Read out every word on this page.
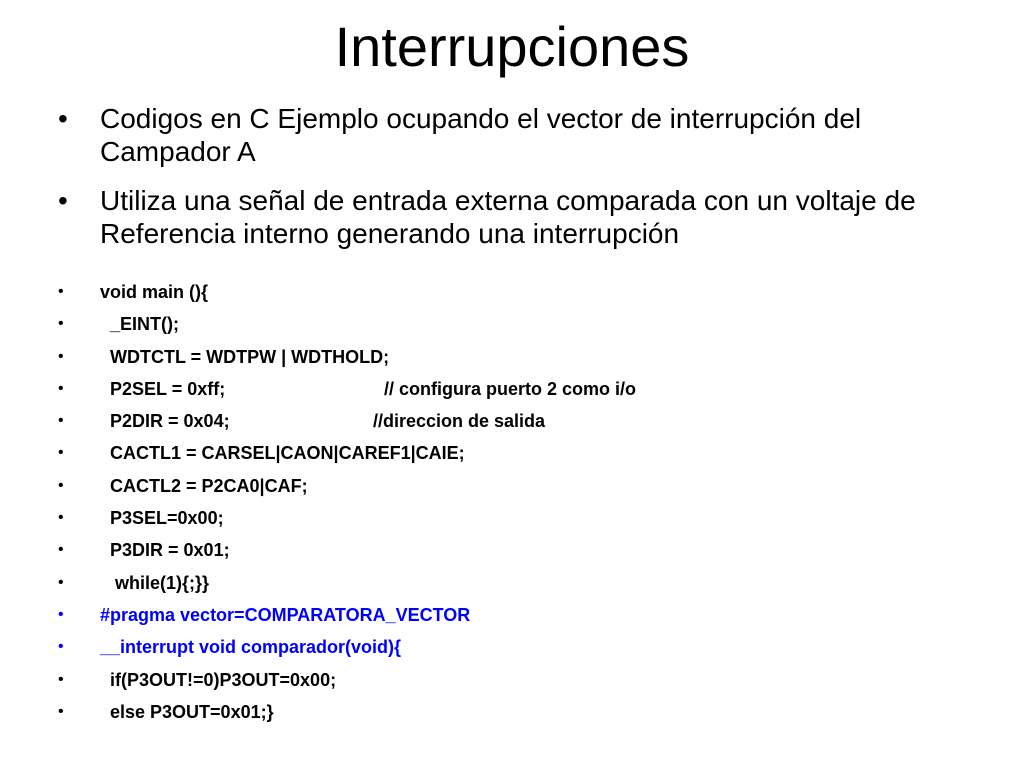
Interrupciones
• Codigos en C Ejemplo ocupando el vector de interrupción del Campador A
• Utiliza una señal de entrada externa comparada con un voltaje de Referencia interno generando una interrupción
• void main (){
• _EINT();
• WDTCTL = WDTPW | WDTHOLD;
• P2SEL = 0xff;	// configura puerto 2 como i/o
• P2DIR = 0x04;	//direccion de salida
• CACTL1 = CARSEL|CAON|CAREF1|CAIE;
• CACTL2 = P2CA0|CAF;
• P3SEL=0x00;
• P3DIR = 0x01;
• while(1){;}}
• #pragma vector=COMPARATORA_VECTOR
• __interrupt void comparador(void){
• if(P3OUT!=0)P3OUT=0x00;
• else P3OUT=0x01;}
